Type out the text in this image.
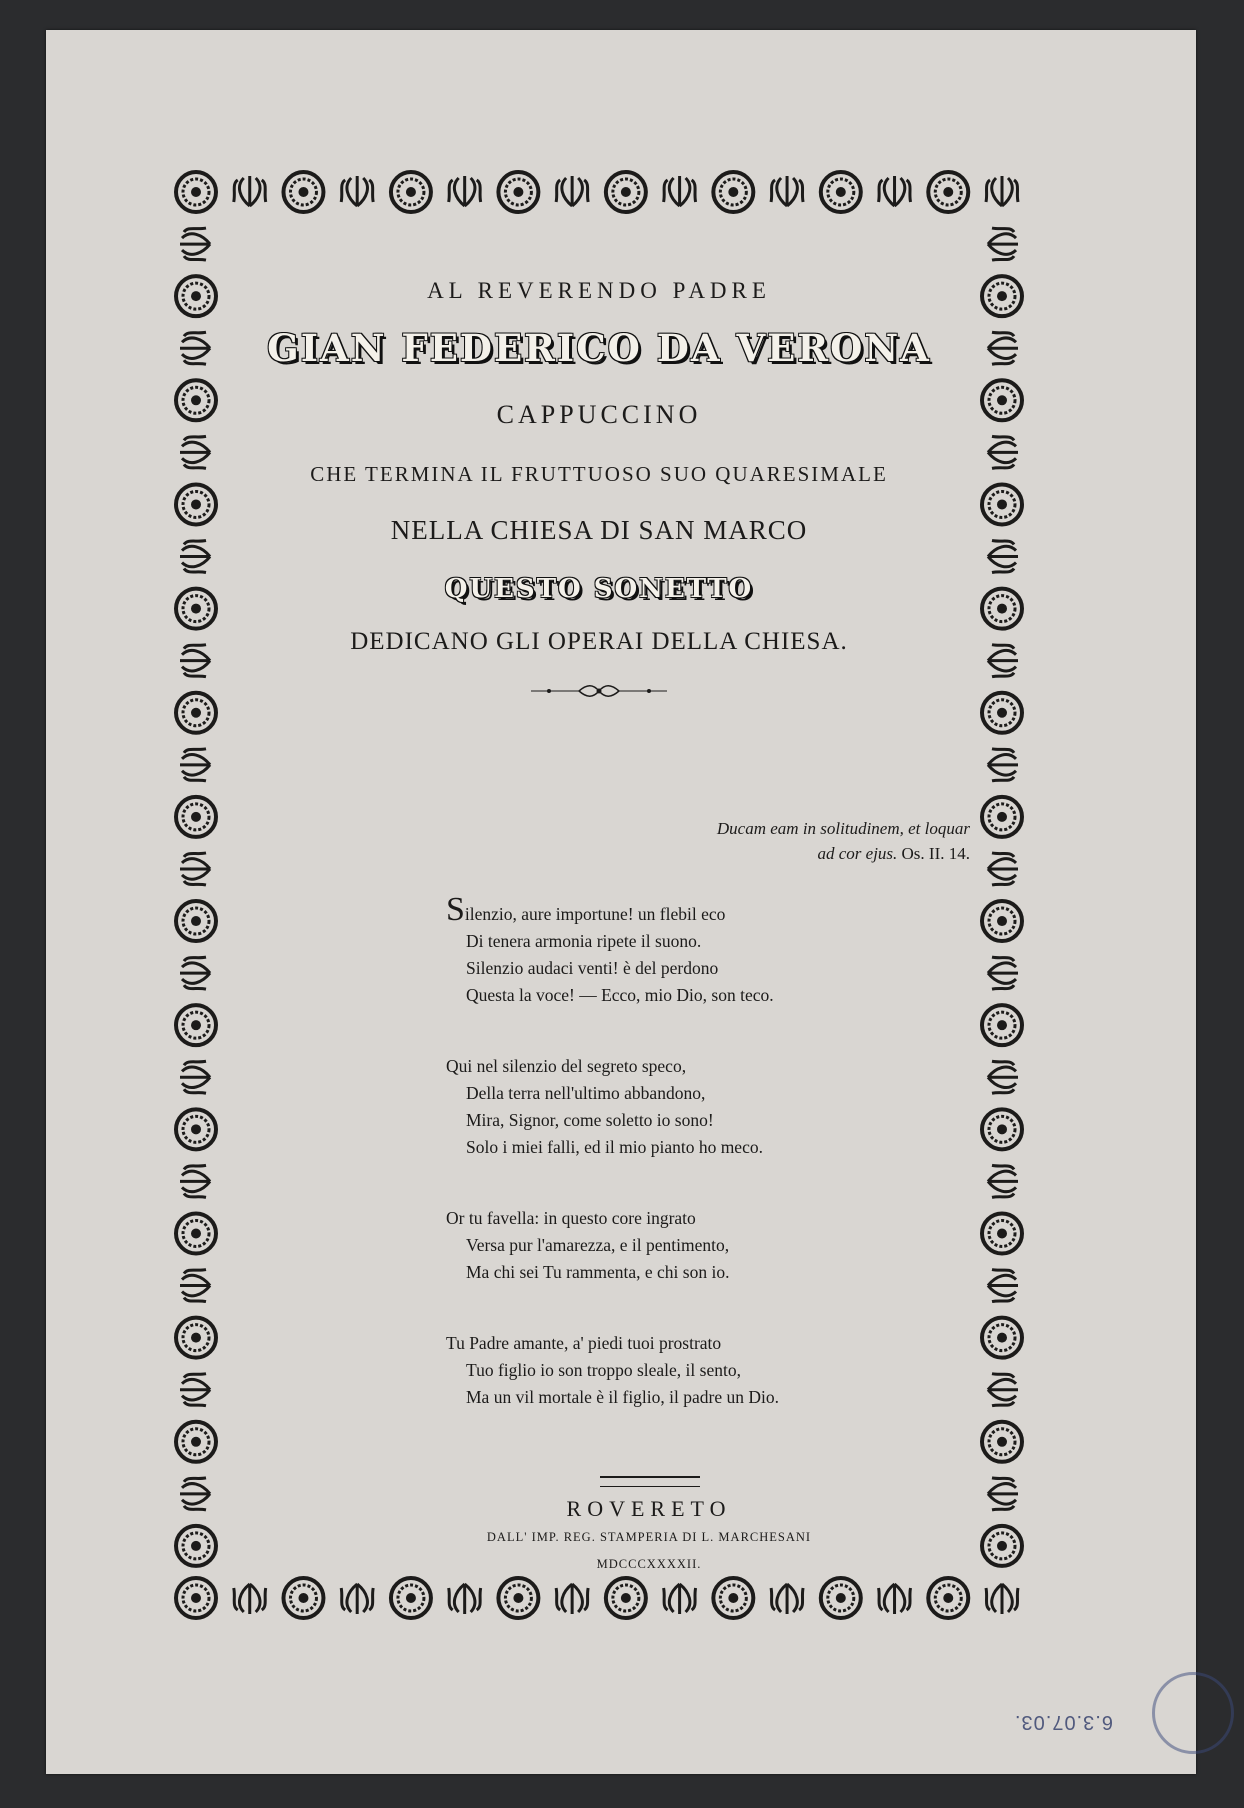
AL REVERENDO PADRE

GIAN FEDERICO DA VERONA

CAPPUCCINO

CHE TERMINA IL FRUTTUOSO SUO QUARESIMALE

NELLA CHIESA DI SAN MARCO

QUESTO SONETTO

DEDICANO GLI OPERAI DELLA CHIESA.

Ducam eam in solitudinem, et loquar
ad cor ejus. Os. II. 14.
Silenzio, aure importune! un flebil eco
Di tenera armonia ripete il suono.
Silenzio audaci venti! è del perdono
Questa la voce! — Ecco, mio Dio, son teco.
Qui nel silenzio del segreto speco,
Della terra nell'ultimo abbandono,
Mira, Signor, come soletto io sono!
Solo i miei falli, ed il mio pianto ho meco.
Or tu favella: in questo core ingrato
Versa pur l'amarezza, e il pentimento,
Ma chi sei Tu rammenta, e chi son io.
Tu Padre amante, a' piedi tuoi prostrato
Tuo figlio io son troppo sleale, il sento,
Ma un vil mortale è il figlio, il padre un Dio.
ROVERETO
DALL' IMP. REG. STAMPERIA DI L. MARCHESANI
MDCCCXXXXII.
6.3.07.03.
